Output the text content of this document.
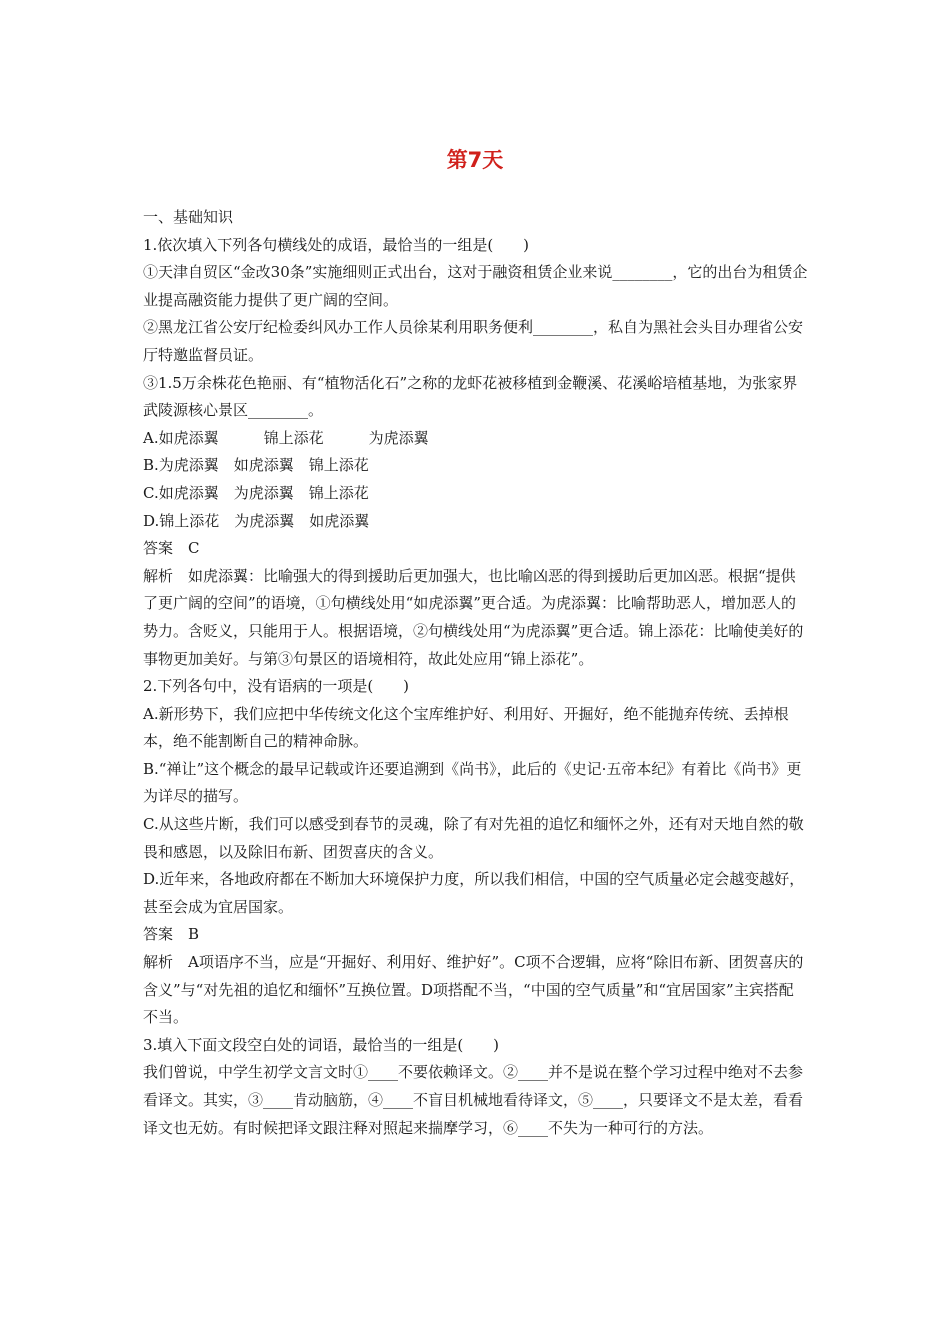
第7天

一、基础知识

1.依次填入下列各句横线处的成语，最恰当的一组是(　　)

①天津自贸区“金改30条”实施细则正式出台，这对于融资租赁企业来说________，它的出台为租赁企业提高融资能力提供了更广阔的空间。

②黑龙江省公安厅纪检委纠风办工作人员徐某利用职务便利________，私自为黑社会头目办理省公安厅特邀监督员证。

③1.5万余株花色艳丽、有“植物活化石”之称的龙虾花被移植到金鞭溪、花溪峪培植基地，为张家界武陵源核心景区________。

A.如虎添翼　　　锦上添花　　　为虎添翼

B.为虎添翼　如虎添翼　锦上添花

C.如虎添翼　为虎添翼　锦上添花

D.锦上添花　为虎添翼　如虎添翼

答案　C

解析　如虎添翼：比喻强大的得到援助后更加强大，也比喻凶恶的得到援助后更加凶恶。根据“提供了更广阔的空间”的语境，①句横线处用“如虎添翼”更合适。为虎添翼：比喻帮助恶人，增加恶人的势力。含贬义，只能用于人。根据语境，②句横线处用“为虎添翼”更合适。锦上添花：比喻使美好的事物更加美好。与第③句景区的语境相符，故此处应用“锦上添花”。

2.下列各句中，没有语病的一项是(　　)

A.新形势下，我们应把中华传统文化这个宝库维护好、利用好、开掘好，绝不能抛弃传统、丢掉根本，绝不能割断自己的精神命脉。

B.“禅让”这个概念的最早记载或许还要追溯到《尚书》，此后的《史记·五帝本纪》有着比《尚书》更为详尽的描写。

C.从这些片断，我们可以感受到春节的灵魂，除了有对先祖的追忆和缅怀之外，还有对天地自然的敬畏和感恩，以及除旧布新、团贺喜庆的含义。

D.近年来，各地政府都在不断加大环境保护力度，所以我们相信，中国的空气质量必定会越变越好，甚至会成为宜居国家。

答案　B

解析　A项语序不当，应是“开掘好、利用好、维护好”。C项不合逻辑，应将“除旧布新、团贺喜庆的含义”与“对先祖的追忆和缅怀”互换位置。D项搭配不当，“中国的空气质量”和“宜居国家”主宾搭配不当。

3.填入下面文段空白处的词语，最恰当的一组是(　　)

我们曾说，中学生初学文言文时①____不要依赖译文。②____并不是说在整个学习过程中绝对不去参看译文。其实，③____肯动脑筋，④____不盲目机械地看待译文，⑤____，只要译文不是太差，看看译文也无妨。有时候把译文跟注释对照起来揣摩学习，⑥____不失为一种可行的方法。
